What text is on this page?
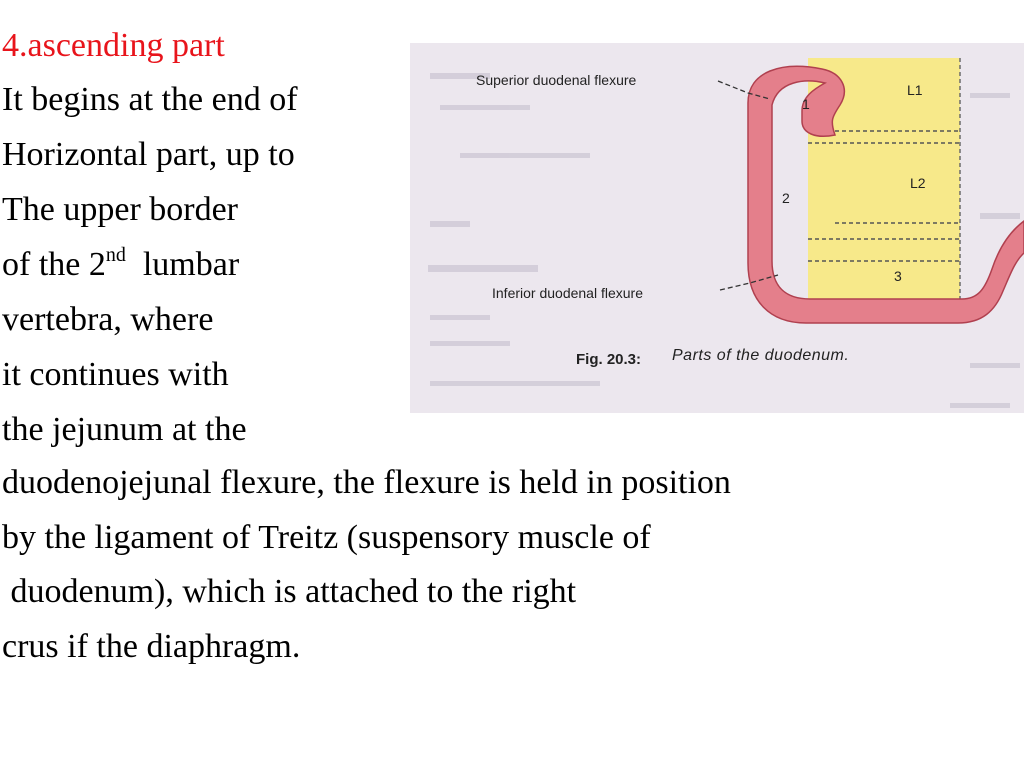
4.ascending part
It begins at the end of
Horizontal part, up to
The upper border
of the 2nd  lumbar
vertebra, where
it continues with
the jejunum at the
duodenojejunal flexure, the flexure is held in position
by the ligament of Treitz (suspensory muscle of
duodenum), which is attached to the right
crus if the diaphragm.
Superior duodenal flexure
Inferior duodenal flexure
L1
L2
1
2
3
Fig. 20.3: Parts of the duodenum.
